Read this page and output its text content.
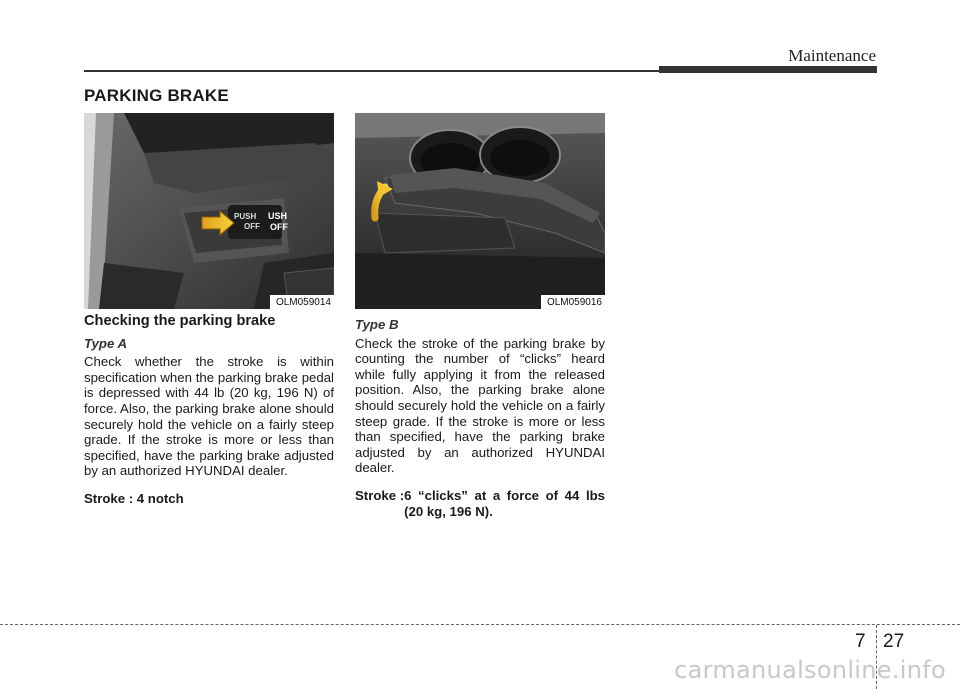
Maintenance
PARKING BRAKE
PUSH
OFF
USH
OFF
OLM059014	OLM059016
Checking the parking brake
Type A

Check whether the stroke is within specification when the parking brake pedal is depressed with 44 lb (20 kg, 196 N) of force. Also, the parking brake alone should securely hold the vehicle on a fairly steep grade. If the stroke is more or less than specified, have the parking brake adjusted by an authorized HYUNDAI dealer.

Stroke : 4 notch
Type B

Check the stroke of the parking brake by counting the number of “clicks” heard while fully applying it from the released position. Also, the parking brake alone should securely hold the vehicle on a fairly steep grade. If the stroke is more or less than specified, have the parking brake adjusted by an authorized HYUNDAI dealer.

Stroke : 6 “clicks” at a force of 44 lbs (20 kg, 196 N).
7 27
carmanualsonline.info
